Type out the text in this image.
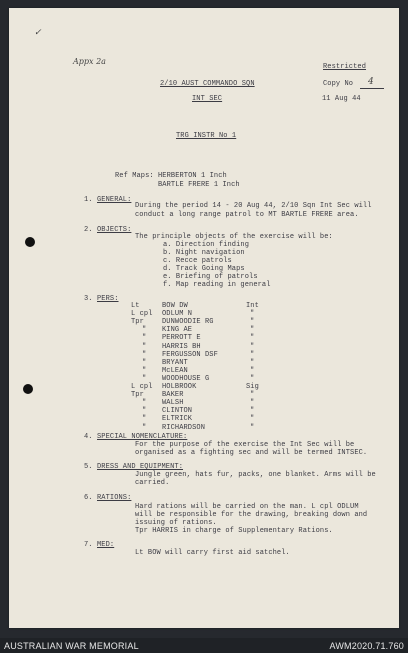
✓
Appx 2a
Restricted
Copy No 4
2/10 AUST COMMANDO SQN
INT SEC	11 Aug 44
TRG INSTR No 1
Ref Maps: HERBERTON 1 Inch
BARTLE FRERE 1 Inch
1. GENERAL:
During the period 14 - 20 Aug 44, 2/10 Sqn Int Sec will
conduct a long range patrol to MT BARTLE FRERE area.
2. OBJECTS:
The principle objects of the exercise will be:
a. Direction finding
b. Night navigation
c. Recce patrols
d. Track Going Maps
e. Briefing of patrols
f. Map reading in general
3. PERS:
Lt	BOW DW	Int
L cpl ODLUM N	"
Tpr	DUNWOODIE RG	"
" KING AE	"
" PERROTT E	"
" HARRIS BH	"
" FERGUSSON DSF	"
" BRYANT	"
" McLEAN	"
" WOODHOUSE G	"
L cpl HOLBROOK	Sig
Tpr	BAKER	"
" WALSH	"
" CLINTON	"
" ELTRICK	"
" RICHARDSON	"
4. SPECIAL NOMENCLATURE:
For the purpose of the exercise the Int Sec will be
organised as a fighting sec and will be termed INTSEC.
5. DRESS AND EQUIPMENT:
Jungle green, hats fur, packs, one blanket. Arms will be
carried.
6. RATIONS:
Hard rations will be carried on the man. L cpl ODLUM
will be responsible for the drawing, breaking down and
issuing of rations.
Tpr HARRIS in charge of Supplementary Rations.
7. MED:
Lt BOW will carry first aid satchel.
AUSTRALIAN WAR MEMORIAL	AWM2020.71.760
